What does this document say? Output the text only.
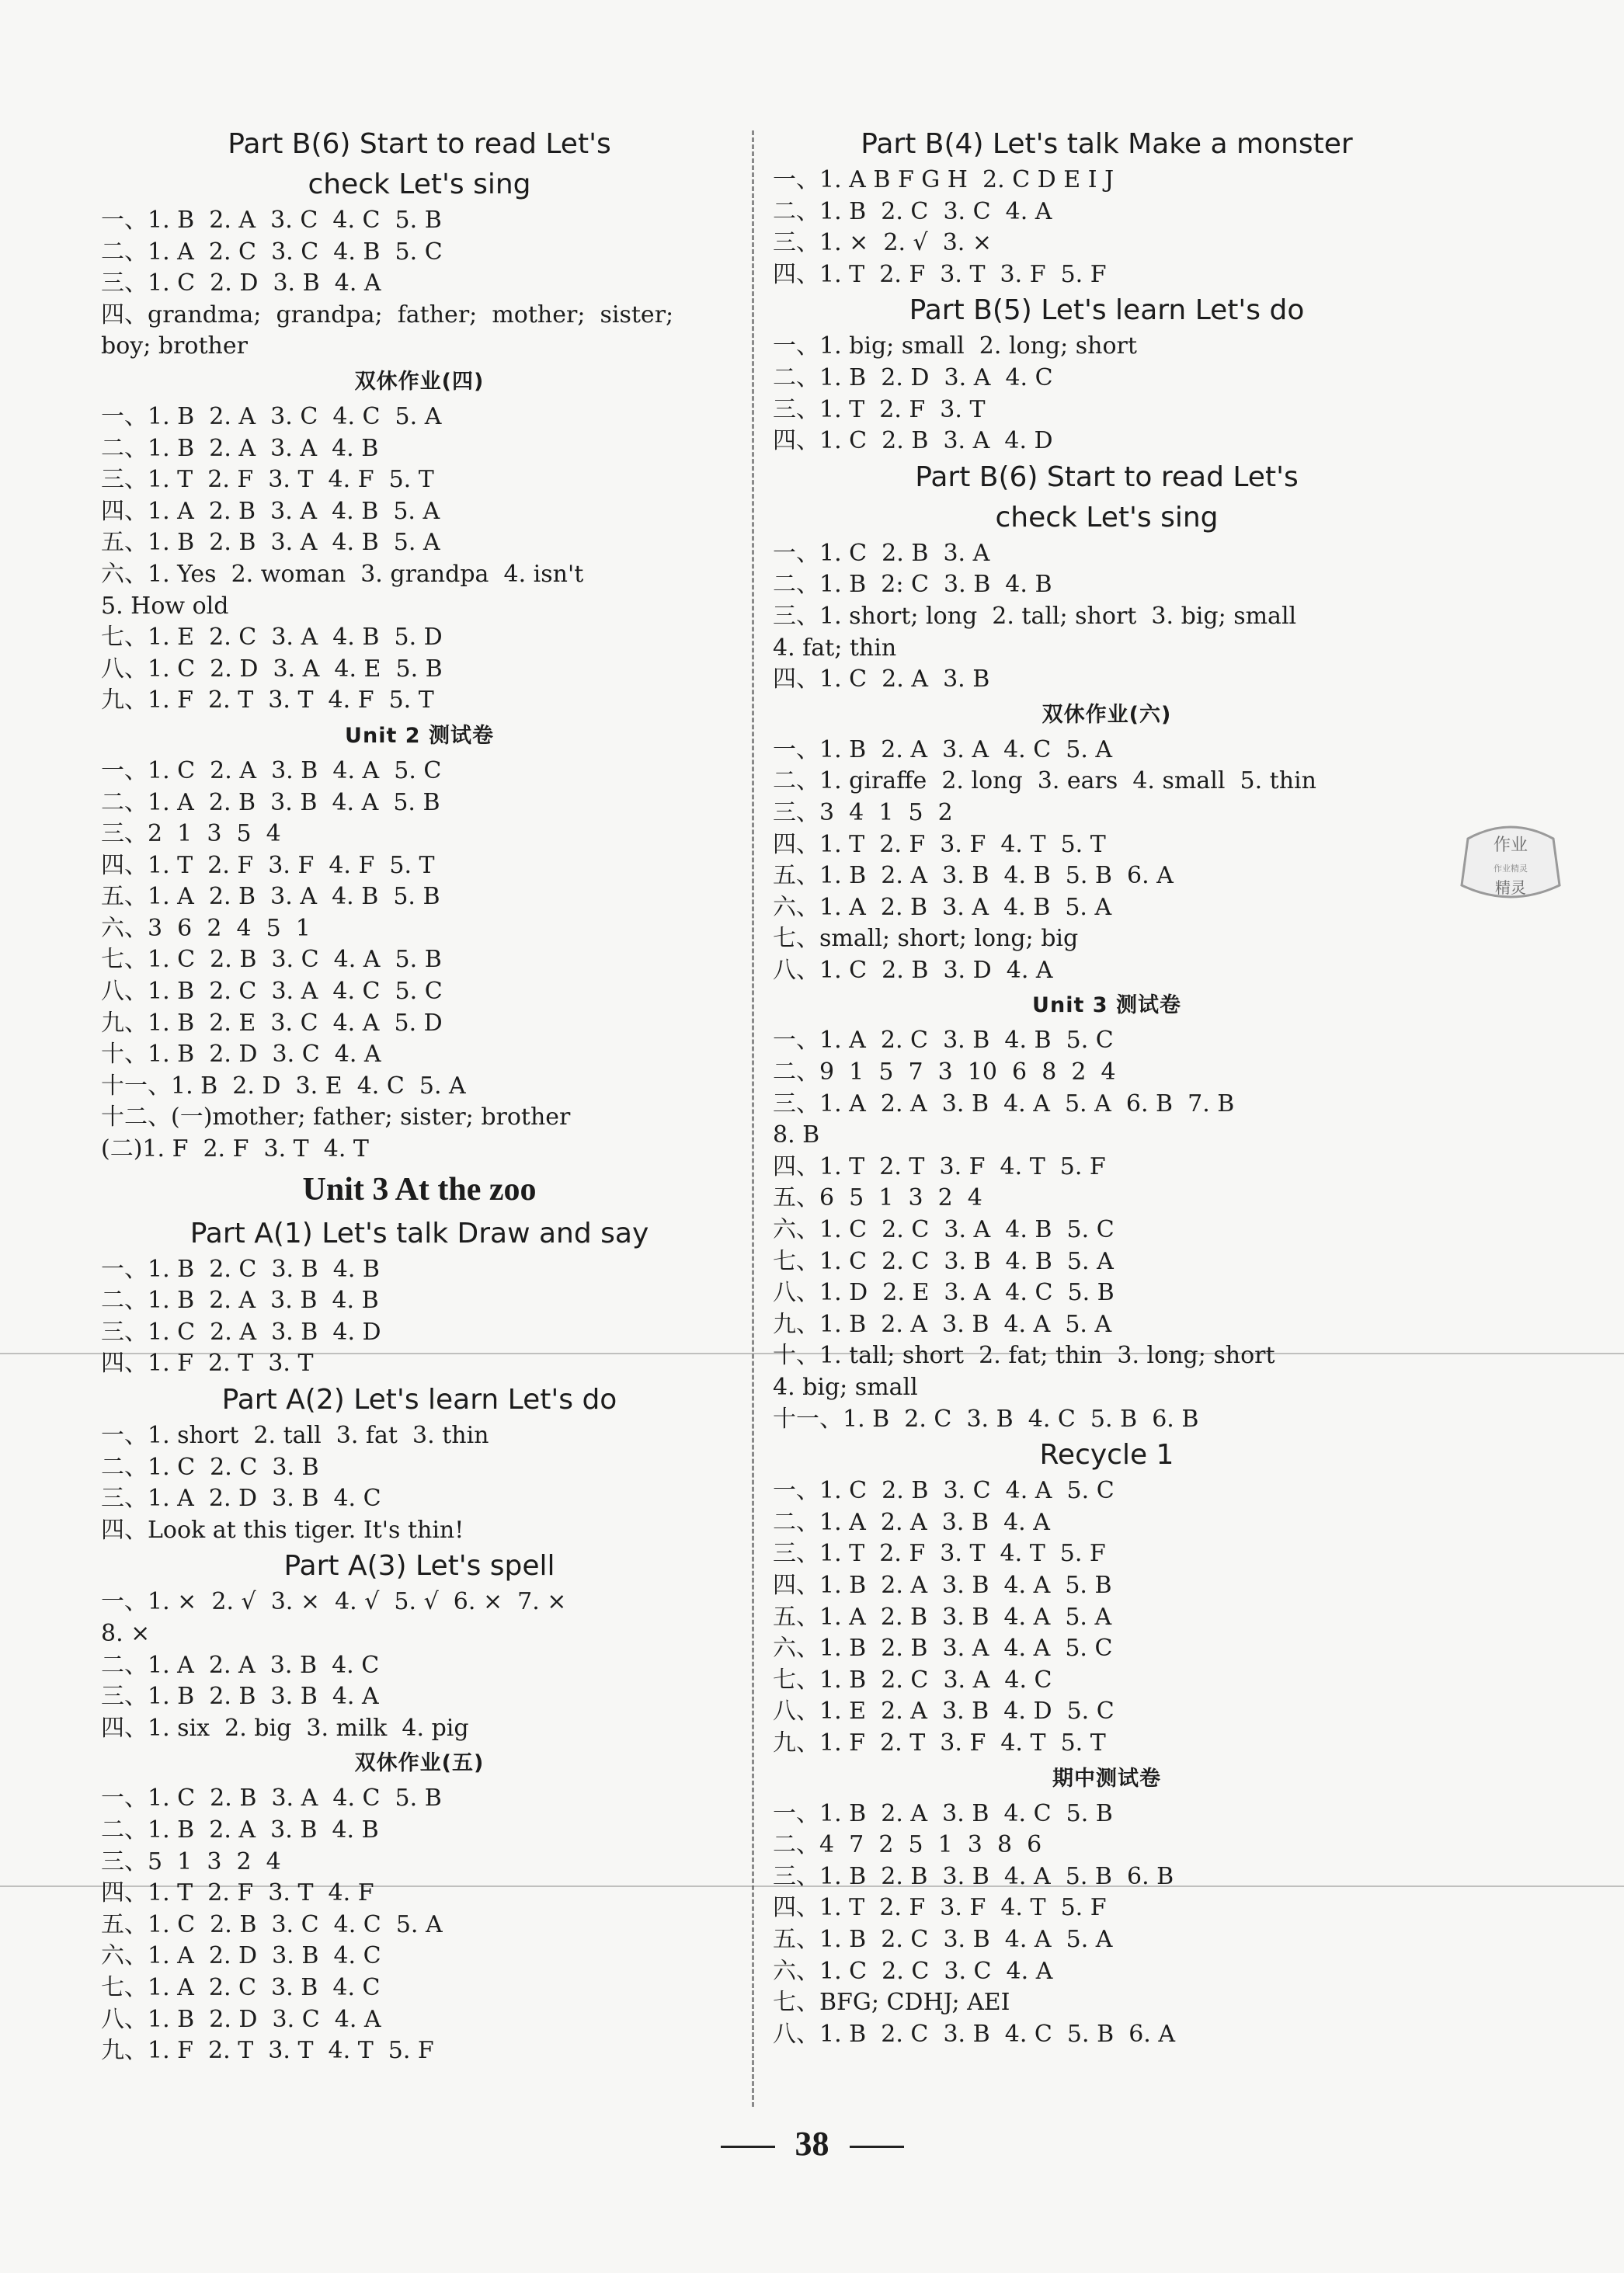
Part B(6) Start to read Let's
check Let's sing
一、1. B  2. A  3. C  4. C  5. B
二、1. A  2. C  3. C  4. B  5. C
三、1. C  2. D  3. B  4. A
四、grandma;  grandpa;  father;  mother;  sister;
boy; brother
双休作业(四)
一、1. B  2. A  3. C  4. C  5. A
二、1. B  2. A  3. A  4. B
三、1. T  2. F  3. T  4. F  5. T
四、1. A  2. B  3. A  4. B  5. A
五、1. B  2. B  3. A  4. B  5. A
六、1. Yes  2. woman  3. grandpa  4. isn't
5. How old
七、1. E  2. C  3. A  4. B  5. D
八、1. C  2. D  3. A  4. E  5. B
九、1. F  2. T  3. T  4. F  5. T
Unit 2 测试卷
一、1. C  2. A  3. B  4. A  5. C
二、1. A  2. B  3. B  4. A  5. B
三、2  1  3  5  4
四、1. T  2. F  3. F  4. F  5. T
五、1. A  2. B  3. A  4. B  5. B
六、3  6  2  4  5  1
七、1. C  2. B  3. C  4. A  5. B
八、1. B  2. C  3. A  4. C  5. C
九、1. B  2. E  3. C  4. A  5. D
十、1. B  2. D  3. C  4. A
十一、1. B  2. D  3. E  4. C  5. A
十二、(一)mother; father; sister; brother
(二)1. F  2. F  3. T  4. T
Unit 3 At the zoo
Part A(1) Let's talk Draw and say
一、1. B  2. C  3. B  4. B
二、1. B  2. A  3. B  4. B
三、1. C  2. A  3. B  4. D
四、1. F  2. T  3. T
Part A(2) Let's learn Let's do
一、1. short  2. tall  3. fat  3. thin
二、1. C  2. C  3. B
三、1. A  2. D  3. B  4. C
四、Look at this tiger. It's thin!
Part A(3) Let's spell
一、1. ×  2. √  3. ×  4. √  5. √  6. ×  7. ×
8. ×
二、1. A  2. A  3. B  4. C
三、1. B  2. B  3. B  4. A
四、1. six  2. big  3. milk  4. pig
双休作业(五)
一、1. C  2. B  3. A  4. C  5. B
二、1. B  2. A  3. B  4. B
三、5  1  3  2  4
四、1. T  2. F  3. T  4. F
五、1. C  2. B  3. C  4. C  5. A
六、1. A  2. D  3. B  4. C
七、1. A  2. C  3. B  4. C
八、1. B  2. D  3. C  4. A
九、1. F  2. T  3. T  4. T  5. F
Part B(4) Let's talk Make a monster
一、1. A B F G H  2. C D E I J
二、1. B  2. C  3. C  4. A
三、1. ×  2. √  3. ×
四、1. T  2. F  3. T  3. F  5. F
Part B(5) Let's learn Let's do
一、1. big; small  2. long; short
二、1. B  2. D  3. A  4. C
三、1. T  2. F  3. T
四、1. C  2. B  3. A  4. D
Part B(6) Start to read Let's
check Let's sing
一、1. C  2. B  3. A
二、1. B  2: C  3. B  4. B
三、1. short; long  2. tall; short  3. big; small
4. fat; thin
四、1. C  2. A  3. B
双休作业(六)
一、1. B  2. A  3. A  4. C  5. A
二、1. giraffe  2. long  3. ears  4. small  5. thin
三、3  4  1  5  2
四、1. T  2. F  3. F  4. T  5. T
五、1. B  2. A  3. B  4. B  5. B  6. A
六、1. A  2. B  3. A  4. B  5. A
七、small; short; long; big
八、1. C  2. B  3. D  4. A
Unit 3 测试卷
一、1. A  2. C  3. B  4. B  5. C
二、9  1  5  7  3  10  6  8  2  4
三、1. A  2. A  3. B  4. A  5. A  6. B  7. B
8. B
四、1. T  2. T  3. F  4. T  5. F
五、6  5  1  3  2  4
六、1. C  2. C  3. A  4. B  5. C
七、1. C  2. C  3. B  4. B  5. A
八、1. D  2. E  3. A  4. C  5. B
九、1. B  2. A  3. B  4. A  5. A
十、1. tall; short  2. fat; thin  3. long; short
4. big; small
十一、1. B  2. C  3. B  4. C  5. B  6. B
Recycle 1
一、1. C  2. B  3. C  4. A  5. C
二、1. A  2. A  3. B  4. A
三、1. T  2. F  3. T  4. T  5. F
四、1. B  2. A  3. B  4. A  5. B
五、1. A  2. B  3. B  4. A  5. A
六、1. B  2. B  3. A  4. A  5. C
七、1. B  2. C  3. A  4. C
八、1. E  2. A  3. B  4. D  5. C
九、1. F  2. T  3. F  4. T  5. T
期中测试卷
一、1. B  2. A  3. B  4. C  5. B
二、4  7  2  5  1  3  8  6
三、1. B  2. B  3. B  4. A  5. B  6. B
四、1. T  2. F  3. F  4. T  5. F
五、1. B  2. C  3. B  4. A  5. A
六、1. C  2. C  3. C  4. A
七、BFG; CDHJ; AEI
八、1. B  2. C  3. B  4. C  5. B  6. A
作业
作业精灵
精灵
38
